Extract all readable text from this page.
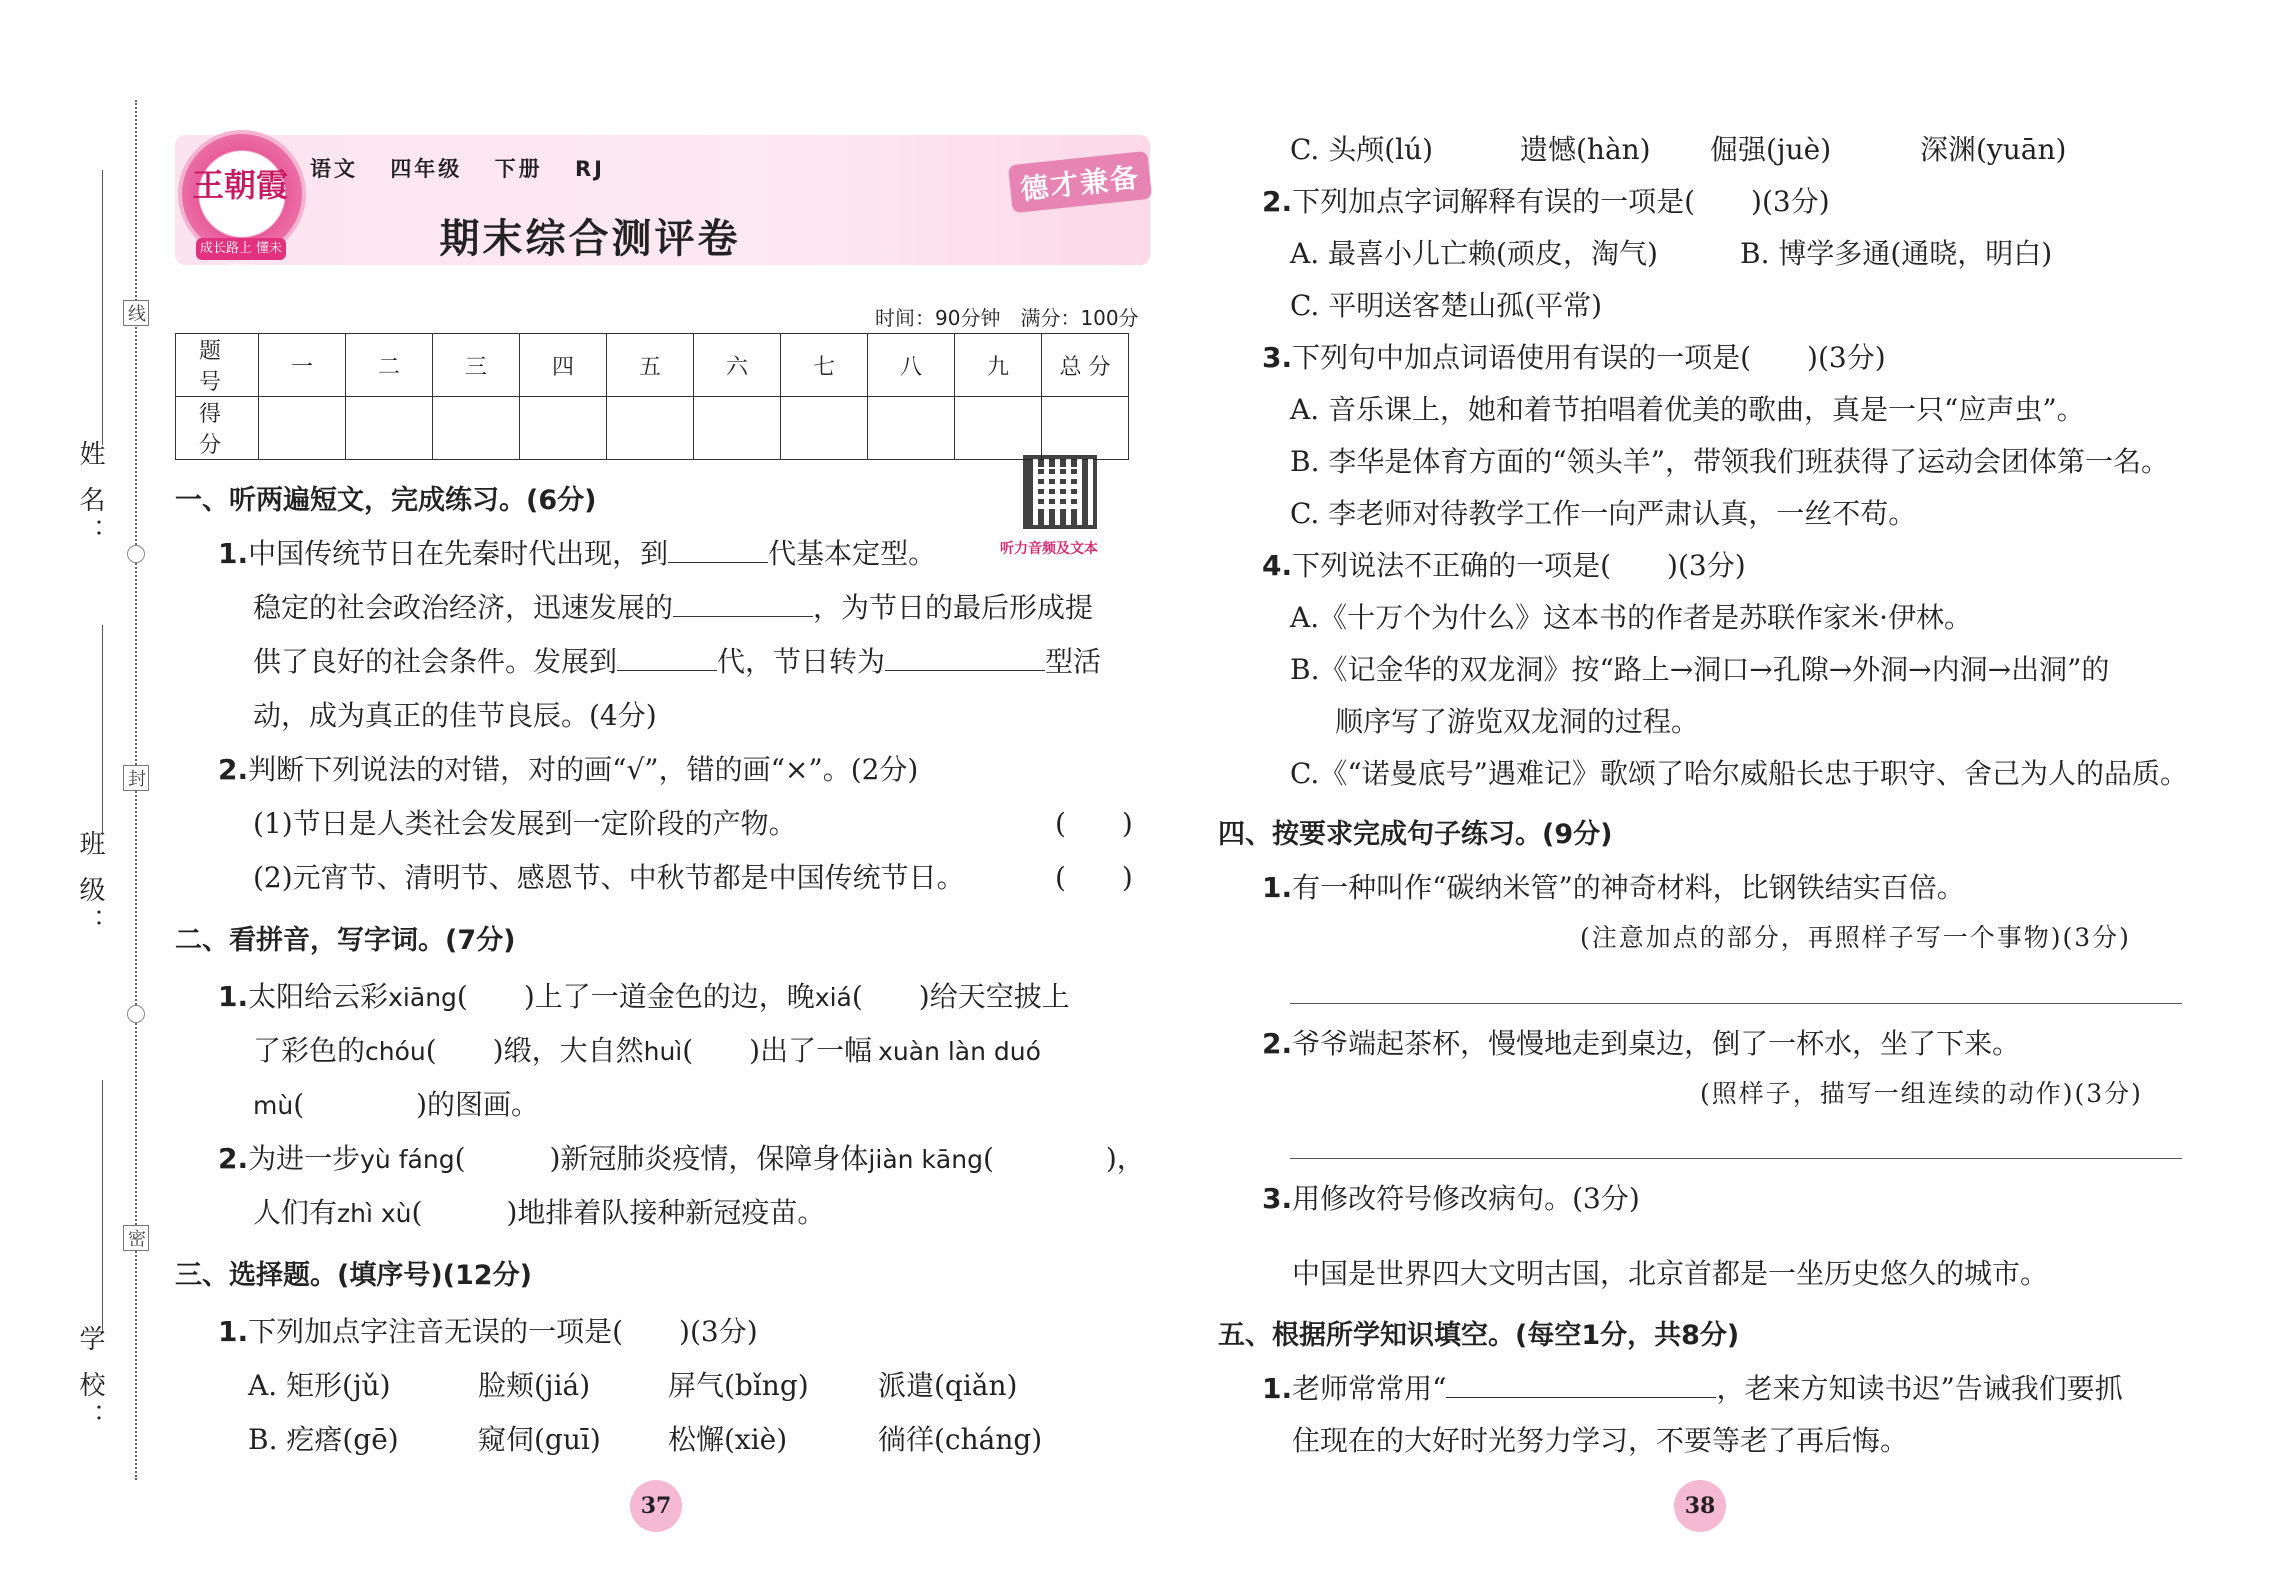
姓 名：
班 级：
学 校：
线
封
密
王朝霞
成长路上 懂未满天
语文 四年级 下册 RJ
期末综合测评卷
德才兼备
时间：90分钟　满分：100分
题 号	一	二	三	四	五	六	七	八	九	总 分
得 分										
听力音频及文本
一、听两遍短文，完成练习。(6分)
1.中国传统节日在先秦时代出现，到	代基本定型。
稳定的社会政治经济，迅速发展的	，为节日的最后形成提
供了良好的社会条件。发展到	代，节日转为	型活
动，成为真正的佳节良辰。(4分)
2.判断下列说法的对错，对的画“√”，错的画“×”。(2分)
(1)节日是人类社会发展到一定阶段的产物。	(　　)
(2)元宵节、清明节、感恩节、中秋节都是中国传统节日。	(　　)
二、看拼音，写字词。(7分)
1.太阳给云彩xiāng(　　)上了一道金色的边，晚xiá(　　)给天空披上
了彩色的chóu(　　)缎，大自然huì(　　)出了一幅 xuàn làn duó
mù(　　　　)的图画。
2.为进一步yù fáng(　　　)新冠肺炎疫情，保障身体jiàn kāng(　　　　)，
人们有zhì xù(　　　)地排着队接种新冠疫苗。
三、选择题。(填序号)(12分)
1.下列加点字注音无误的一项是(　　)(3分)
A. 矩形(jǔ)	脸颊(jiá)	屏气(bǐng) 派遣(qiǎn)
B. 疙瘩(gē)	窥伺(guī) 松懈(xiè)	徜徉(cháng)
37
C. 头颅(lú)	遗憾(hàn) 倔强(juè)	深渊(yuān)
2.下列加点字词解释有误的一项是(　　)(3分)
A. 最喜小儿亡赖(顽皮，淘气)	B. 博学多通(通晓，明白)
C. 平明送客楚山孤(平常)
3.下列句中加点词语使用有误的一项是(　　)(3分)
A. 音乐课上，她和着节拍唱着优美的歌曲，真是一只“应声虫”。
B. 李华是体育方面的“领头羊”，带领我们班获得了运动会团体第一名。
C. 李老师对待教学工作一向严肃认真，一丝不苟。
4.下列说法不正确的一项是(　　)(3分)
A.《十万个为什么》这本书的作者是苏联作家米·伊林。
B.《记金华的双龙洞》按“路上→洞口→孔隙→外洞→内洞→出洞”的
顺序写了游览双龙洞的过程。
C.《“诺曼底号”遇难记》歌颂了哈尔威船长忠于职守、舍己为人的品质。
四、按要求完成句子练习。(9分)
1.有一种叫作“碳纳米管”的神奇材料，比钢铁结实百倍。
(注意加点的部分，再照样子写一个事物)(3分)
2.爷爷端起茶杯，慢慢地走到桌边，倒了一杯水，坐了下来。
(照样子，描写一组连续的动作)(3分)
3.用修改符号修改病句。(3分)
中国是世界四大文明古国，北京首都是一坐历史悠久的城市。
五、根据所学知识填空。(每空1分，共8分)
1.老师常常用“	，老来方知读书迟”告诫我们要抓
住现在的大好时光努力学习，不要等老了再后悔。
38
